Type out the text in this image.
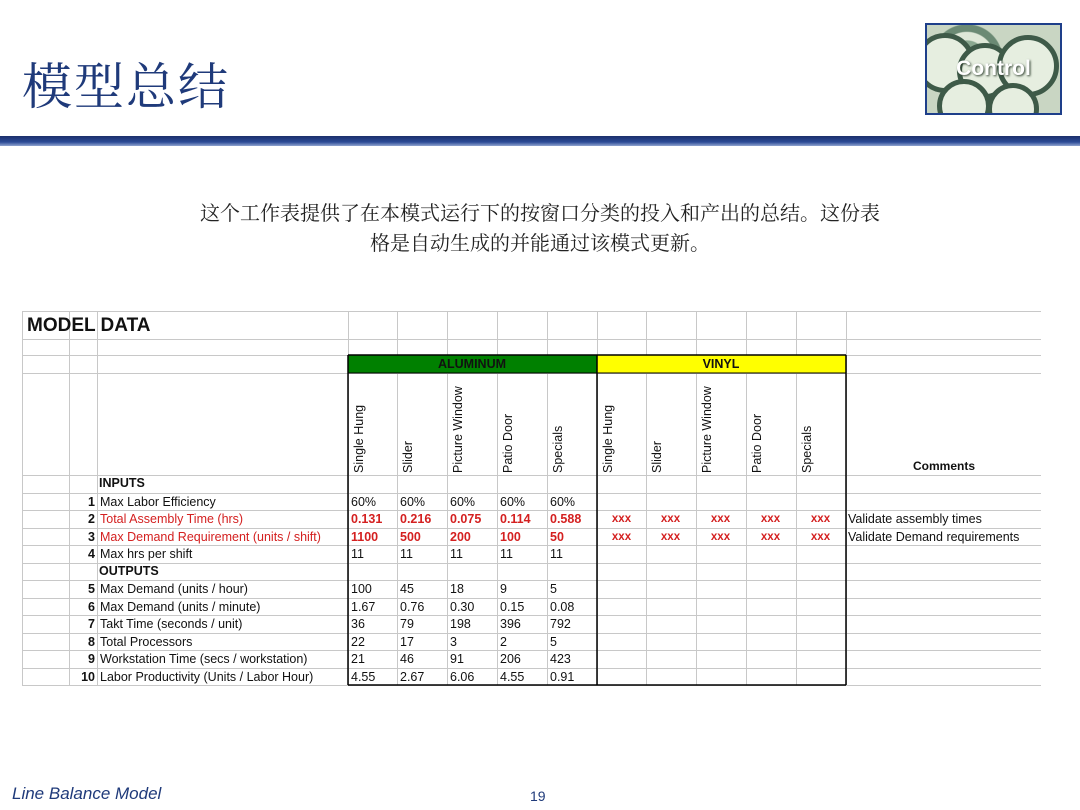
模型总结	Control
这个工作表提供了在本模式运行下的按窗口分类的投入和产出的总结。这份表
格是自动生成的并能通过该模式更新。
MODEL DATA
ALUMINUM	VINYL
Comments
INPUTS
OUTPUTS
Single Hung	Slider	Picture Window	Patio Door	Specials	Single Hung	Slider	Picture Window	Patio Door	Specials
1 Max Labor Efficiency	60% 60% 60% 60% 60%
2 Total Assembly Time (hrs)	0.131 0.216 0.075 0.114 0.588	xxx	xxx	xxx	xxx	xxx	Validate assembly times
3 Max Demand Requirement (units / shift) 1100 500 200 100 50	xxx	xxx	xxx	xxx	xxx	Validate Demand requirements
4 Max hrs per shift	11	11	11	11	11
5 Max Demand (units / hour)	100 45	18	9	5
6 Max Demand (units / minute)	1.67 0.76 0.30 0.15 0.08
7 Takt Time (seconds / unit)	36	79	198 396 792
8 Total Processors	22	17	3	2	5
9 Workstation Time (secs / workstation)	21	46	91	206 423
10 Labor Productivity (Units / Labor Hour)	4.55 2.67 6.06 4.55 0.91
Line Balance Model	19
